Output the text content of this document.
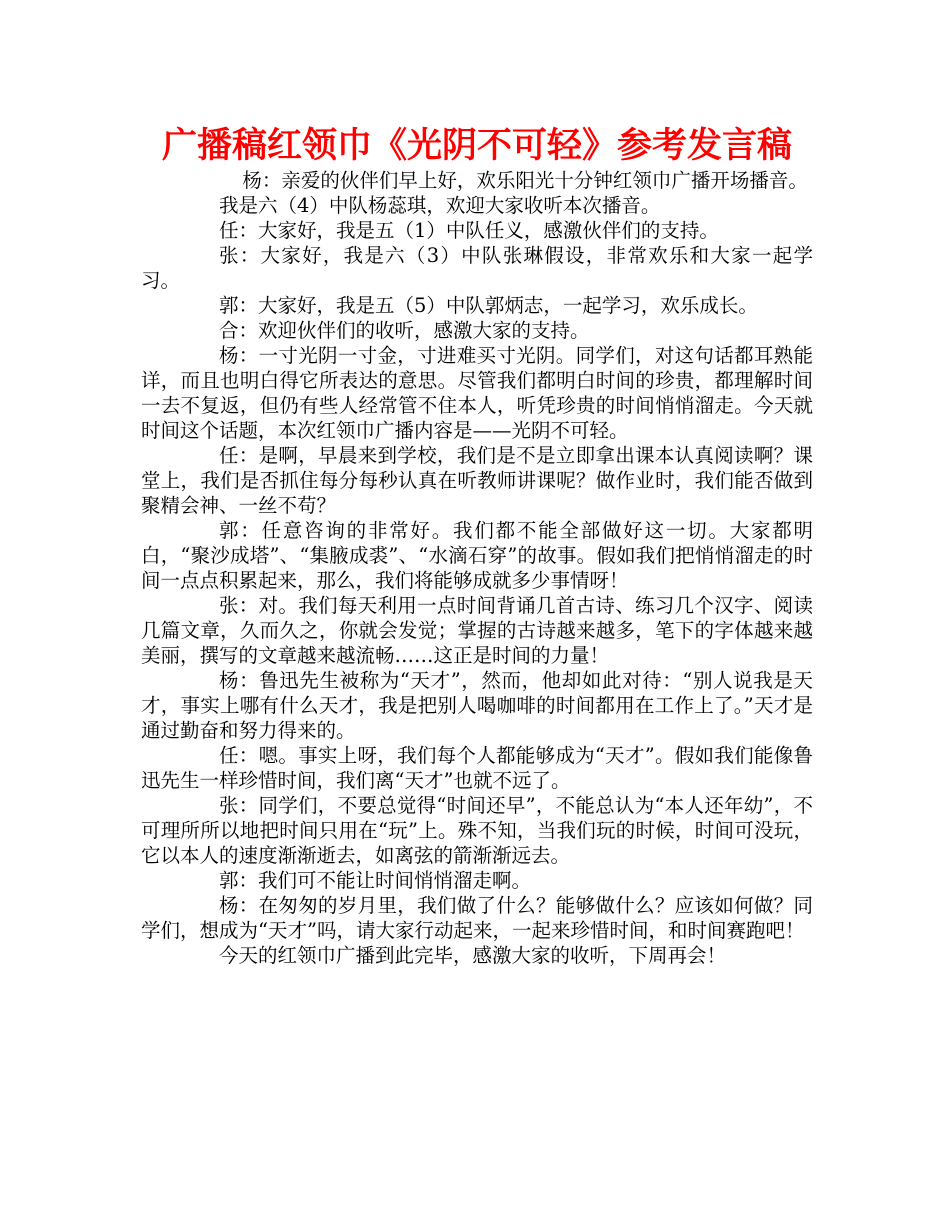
广播稿红领巾《光阴不可轻》参考发言稿

杨：亲爱的伙伴们早上好，欢乐阳光十分钟红领巾广播开场播音。

我是六（4）中队杨蕊琪，欢迎大家收听本次播音。

任：大家好，我是五（1）中队任义，感激伙伴们的支持。

张：大家好，我是六（3）中队张琳假设，非常欢乐和大家一起学习。

郭：大家好，我是五（5）中队郭炳志，一起学习，欢乐成长。

合：欢迎伙伴们的收听，感激大家的支持。

杨：一寸光阴一寸金，寸进难买寸光阴。同学们，对这句话都耳熟能详，而且也明白得它所表达的意思。尽管我们都明白时间的珍贵，都理解时间一去不复返，但仍有些人经常管不住本人，听凭珍贵的时间悄悄溜走。今天就时间这个话题，本次红领巾广播内容是——光阴不可轻。

任：是啊，早晨来到学校，我们是不是立即拿出课本认真阅读啊？课堂上，我们是否抓住每分每秒认真在听教师讲课呢？做作业时，我们能否做到聚精会神、一丝不苟？

郭：任意咨询的非常好。我们都不能全部做好这一切。大家都明白，“聚沙成塔”、“集腋成裘”、“水滴石穿”的故事。假如我们把悄悄溜走的时间一点点积累起来，那么，我们将能够成就多少事情呀！

张：对。我们每天利用一点时间背诵几首古诗、练习几个汉字、阅读几篇文章，久而久之，你就会发觉；掌握的古诗越来越多，笔下的字体越来越美丽，撰写的文章越来越流畅……这正是时间的力量！

杨：鲁迅先生被称为“天才”，然而，他却如此对待：“别人说我是天才，事实上哪有什么天才，我是把别人喝咖啡的时间都用在工作上了。”天才是通过勤奋和努力得来的。

任：嗯。事实上呀，我们每个人都能够成为“天才”。假如我们能像鲁迅先生一样珍惜时间，我们离“天才”也就不远了。

张：同学们，不要总觉得“时间还早”，不能总认为“本人还年幼”，不可理所所以地把时间只用在“玩”上。殊不知，当我们玩的时候，时间可没玩，它以本人的速度渐渐逝去，如离弦的箭渐渐远去。

郭：我们可不能让时间悄悄溜走啊。

杨：在匆匆的岁月里，我们做了什么？能够做什么？应该如何做？同学们，想成为“天才”吗，请大家行动起来，一起来珍惜时间，和时间赛跑吧！

今天的红领巾广播到此完毕，感激大家的收听，下周再会！
